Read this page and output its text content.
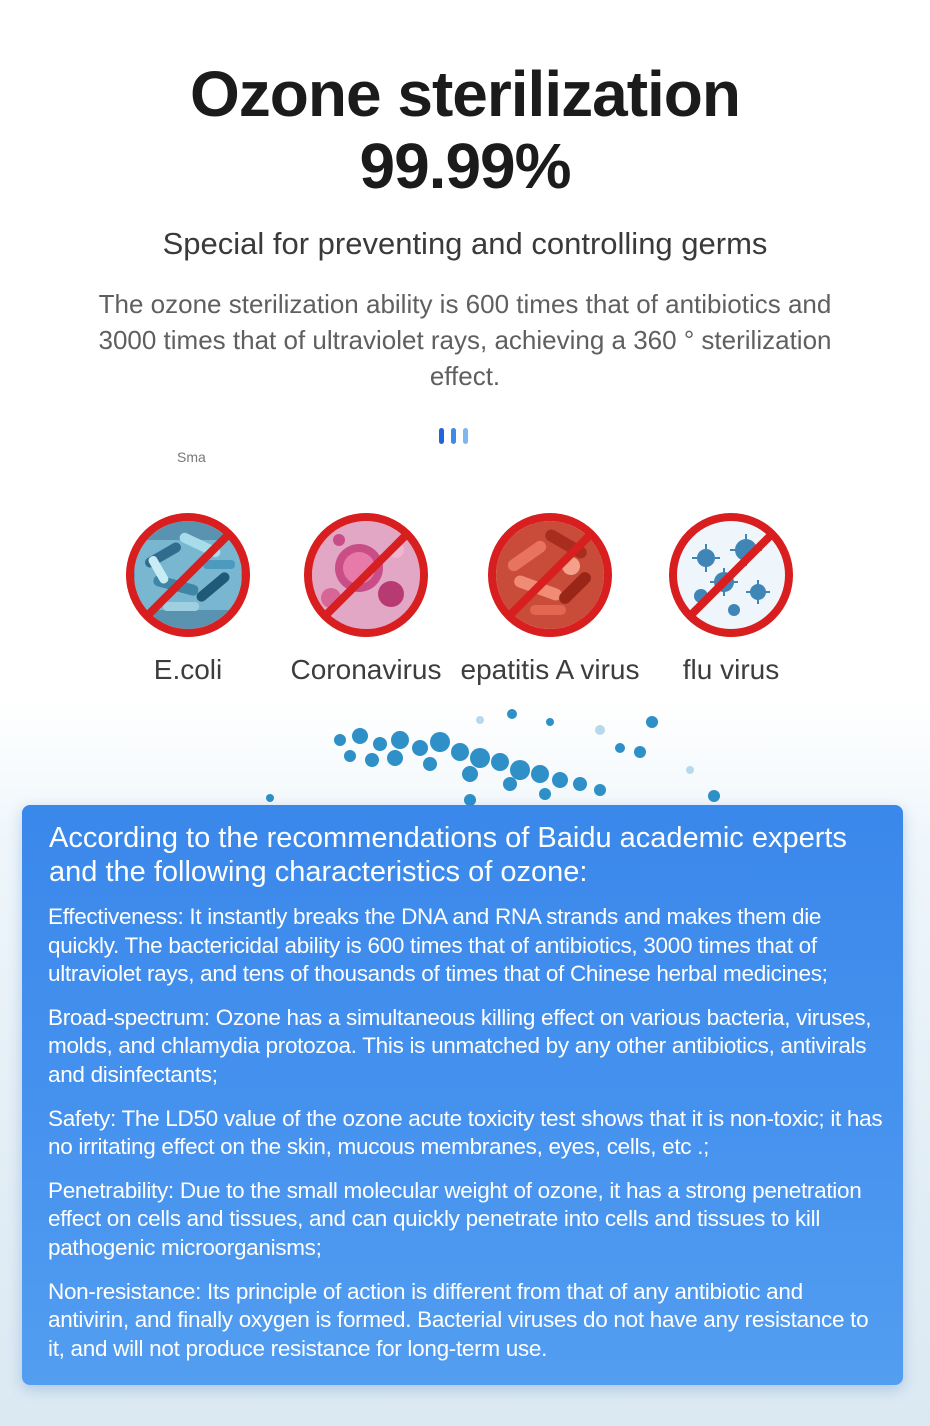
Ozone sterilization
99.99%
Special for preventing and controlling germs
The ozone sterilization ability is 600 times that of antibiotics and 3000 times that of ultraviolet rays, achieving a 360 ° sterilization effect.
Sma
E.coli	Coronavirus epatitis A virus	flu virus
According to the recommendations of Baidu academic experts and the following characteristics of ozone:

Effectiveness: It instantly breaks the DNA and RNA strands and makes them die quickly. The bactericidal ability is 600 times that of antibiotics, 3000 times that of ultraviolet rays, and tens of thousands of times that of Chinese herbal medicines;

Broad-spectrum: Ozone has a simultaneous killing effect on various bacteria, viruses, molds, and chlamydia protozoa. This is unmatched by any other antibiotics, antivirals and disinfectants;

Safety: The LD50 value of the ozone acute toxicity test shows that it is non-toxic; it has no irritating effect on the skin, mucous membranes, eyes, cells, etc .;

Penetrability: Due to the small molecular weight of ozone, it has a strong penetration effect on cells and tissues, and can quickly penetrate into cells and tissues to kill pathogenic microorganisms;

Non-resistance: Its principle of action is different from that of any antibiotic and antivirin, and finally oxygen is formed. Bacterial viruses do not have any resistance to it, and will not produce resistance for long-term use.
